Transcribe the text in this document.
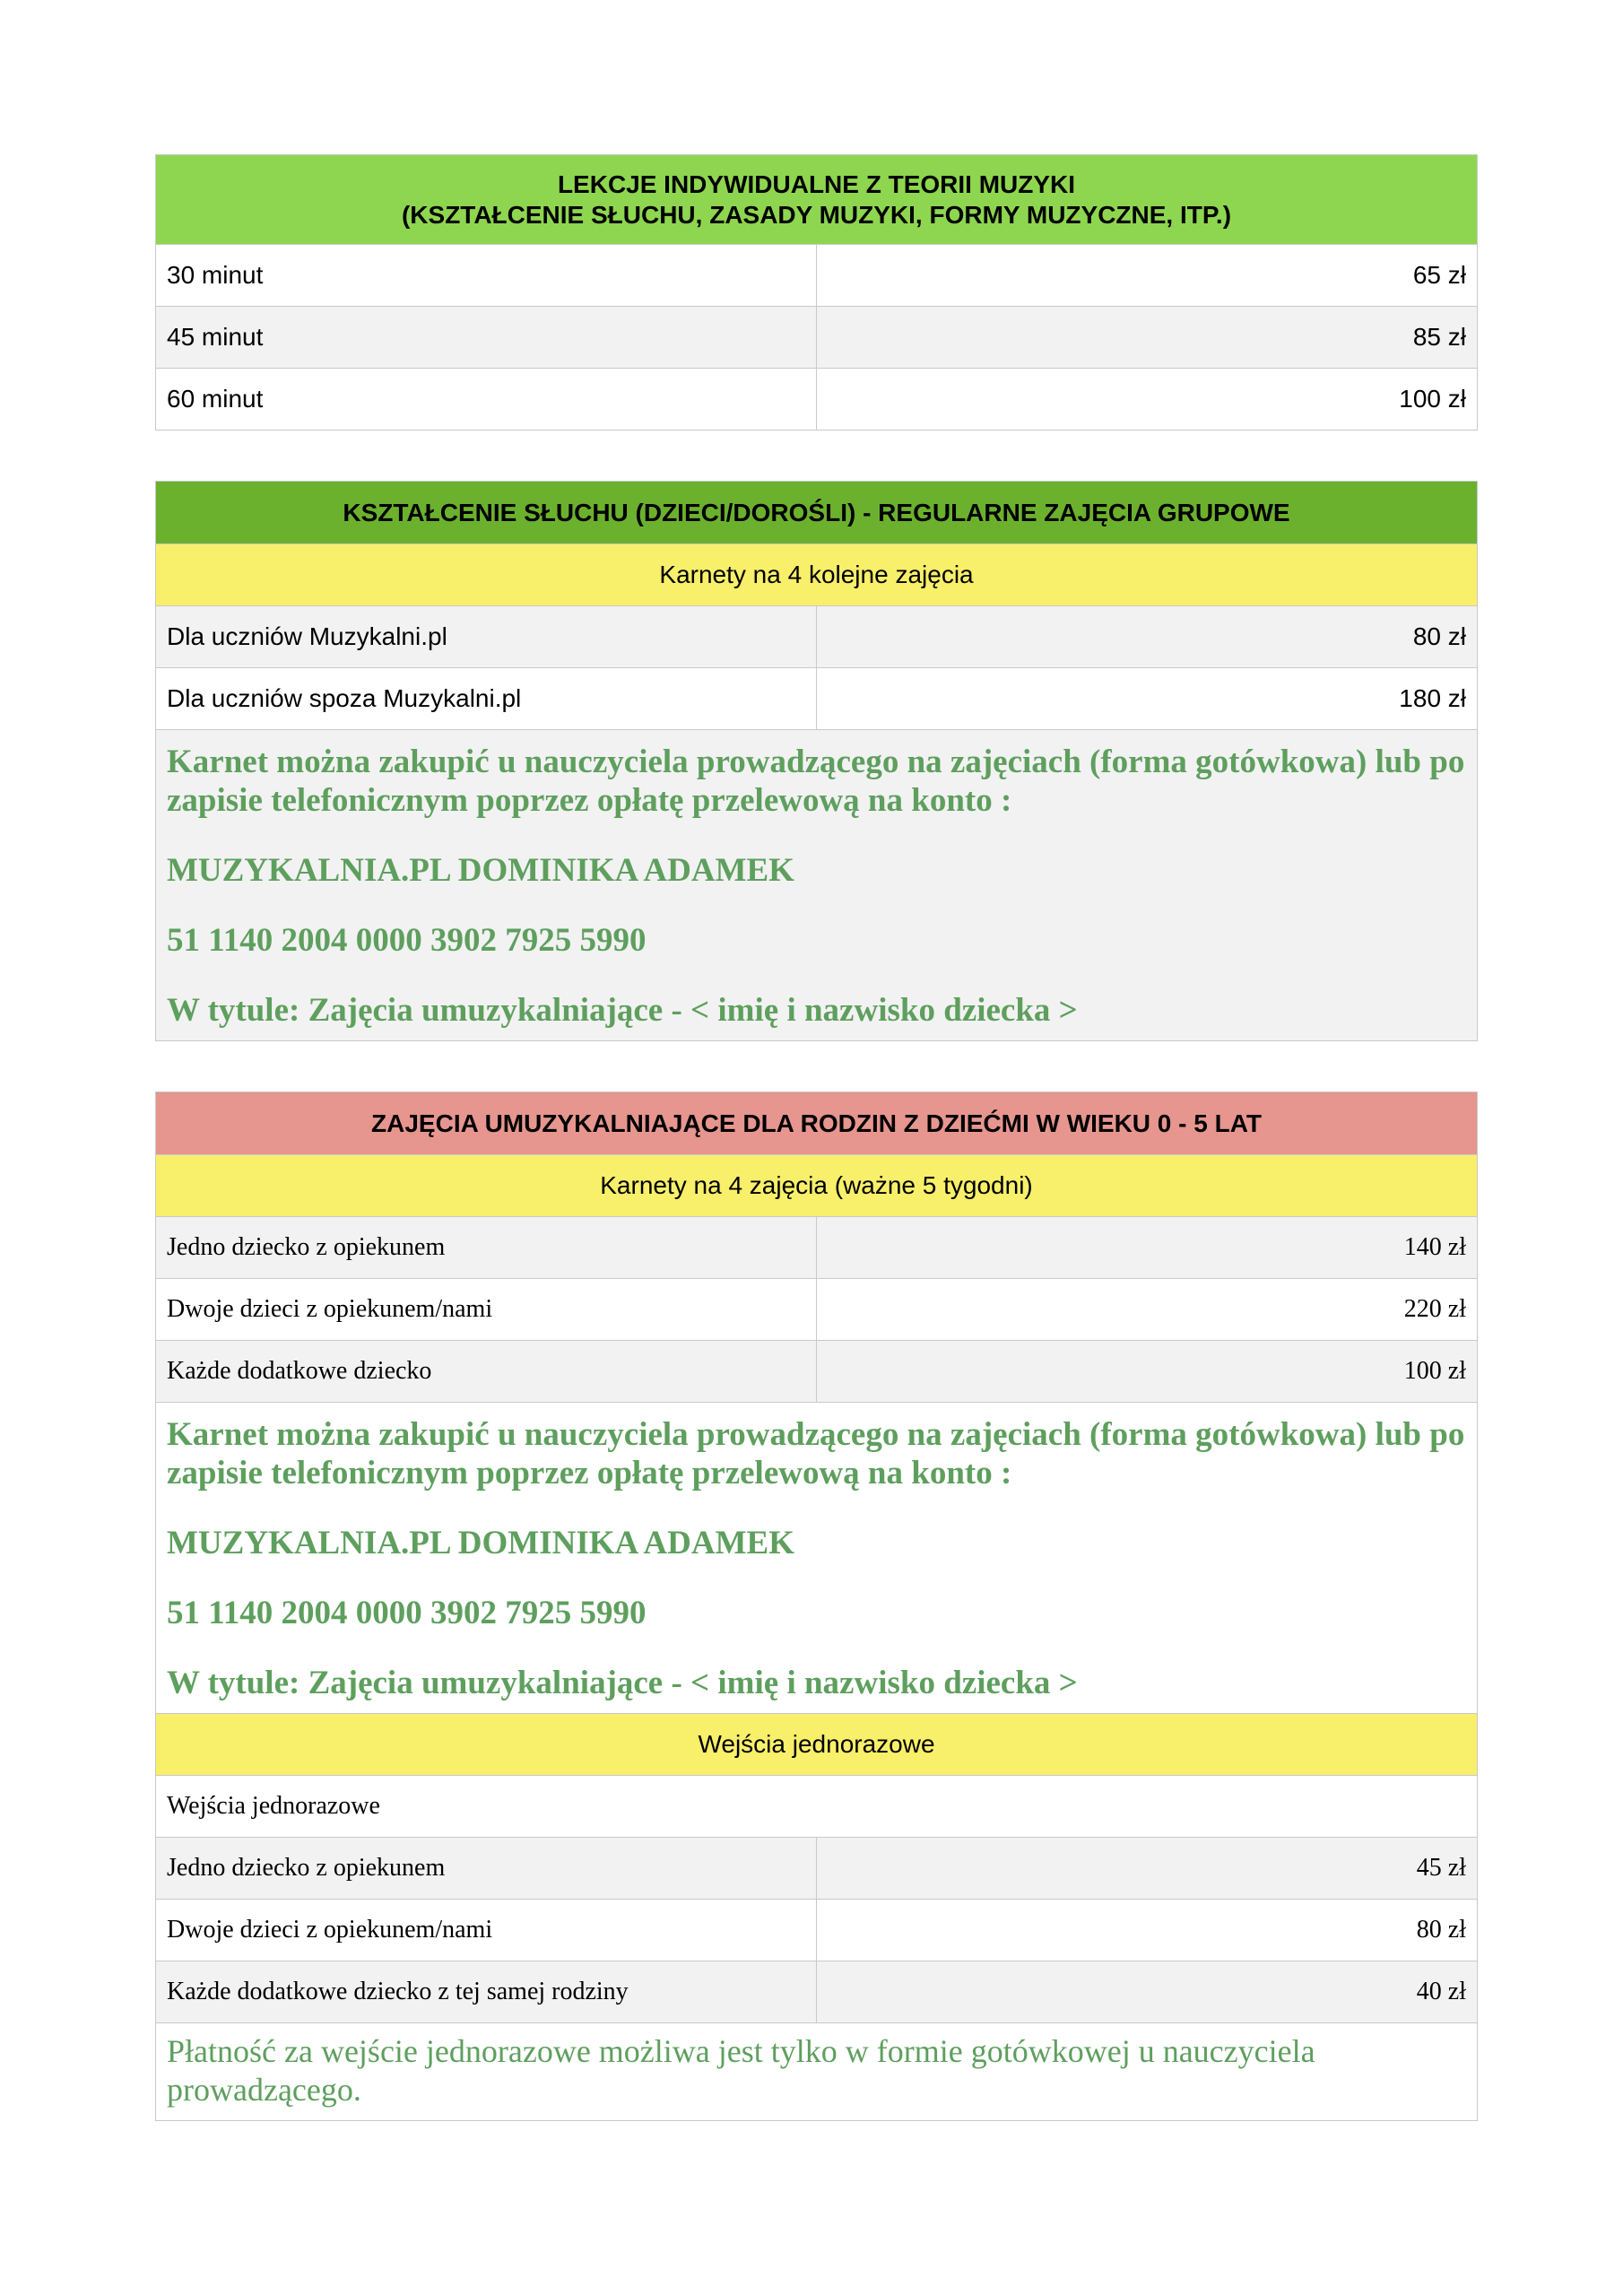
LEKCJE INDYWIDUALNE Z TEORII MUZYKI
(KSZTAŁCENIE SŁUCHU, ZASADY MUZYKI, FORMY MUZYCZNE, ITP.)	

30 minut	65 zł
45 minut	85 zł
60 minut	100 zł
KSZTAŁCENIE SŁUCHU (DZIECI/DOROŚLI) - REGULARNE ZAJĘCIA GRUPOWE	
Karnety na 4 kolejne zajęcia	
Dla uczniów Muzykalni.pl	80 zł
Dla uczniów spoza Muzykalni.pl	180 zł

Karnet można zakupić u nauczyciela prowadzącego na zajęciach (forma gotówkowa) lub po zapisie telefonicznym poprzez opłatę przelewową na konto :

MUZYKALNIA.PL DOMINIKA ADAMEK

51 1140 2004 0000 3902 7925 5990

W tytule: Zajęcia umuzykalniające - < imię i nazwisko dziecka >	

ZAJĘCIA UMUZYKALNIAJĄCE DLA RODZIN Z DZIEĆMI W WIEKU 0 - 5 LAT	
Karnety na 4 zajęcia (ważne 5 tygodni)	
Jedno dziecko z opiekunem	140 zł
Dwoje dzieci z opiekunem/nami	220 zł
Każde dodatkowe dziecko	100 zł

Karnet można zakupić u nauczyciela prowadzącego na zajęciach (forma gotówkowa) lub po zapisie telefonicznym poprzez opłatę przelewową na konto :

MUZYKALNIA.PL DOMINIKA ADAMEK

51 1140 2004 0000 3902 7925 5990

W tytule: Zajęcia umuzykalniające - < imię i nazwisko dziecka >	

Wejścia jednorazowe	
Wejścia jednorazowe	
Jedno dziecko z opiekunem	45 zł
Dwoje dzieci z opiekunem/nami	80 zł
Każde dodatkowe dziecko z tej samej rodziny	40 zł
Płatność za wejście jednorazowe możliwa jest tylko w formie gotówkowej u nauczyciela prowadzącego.	
